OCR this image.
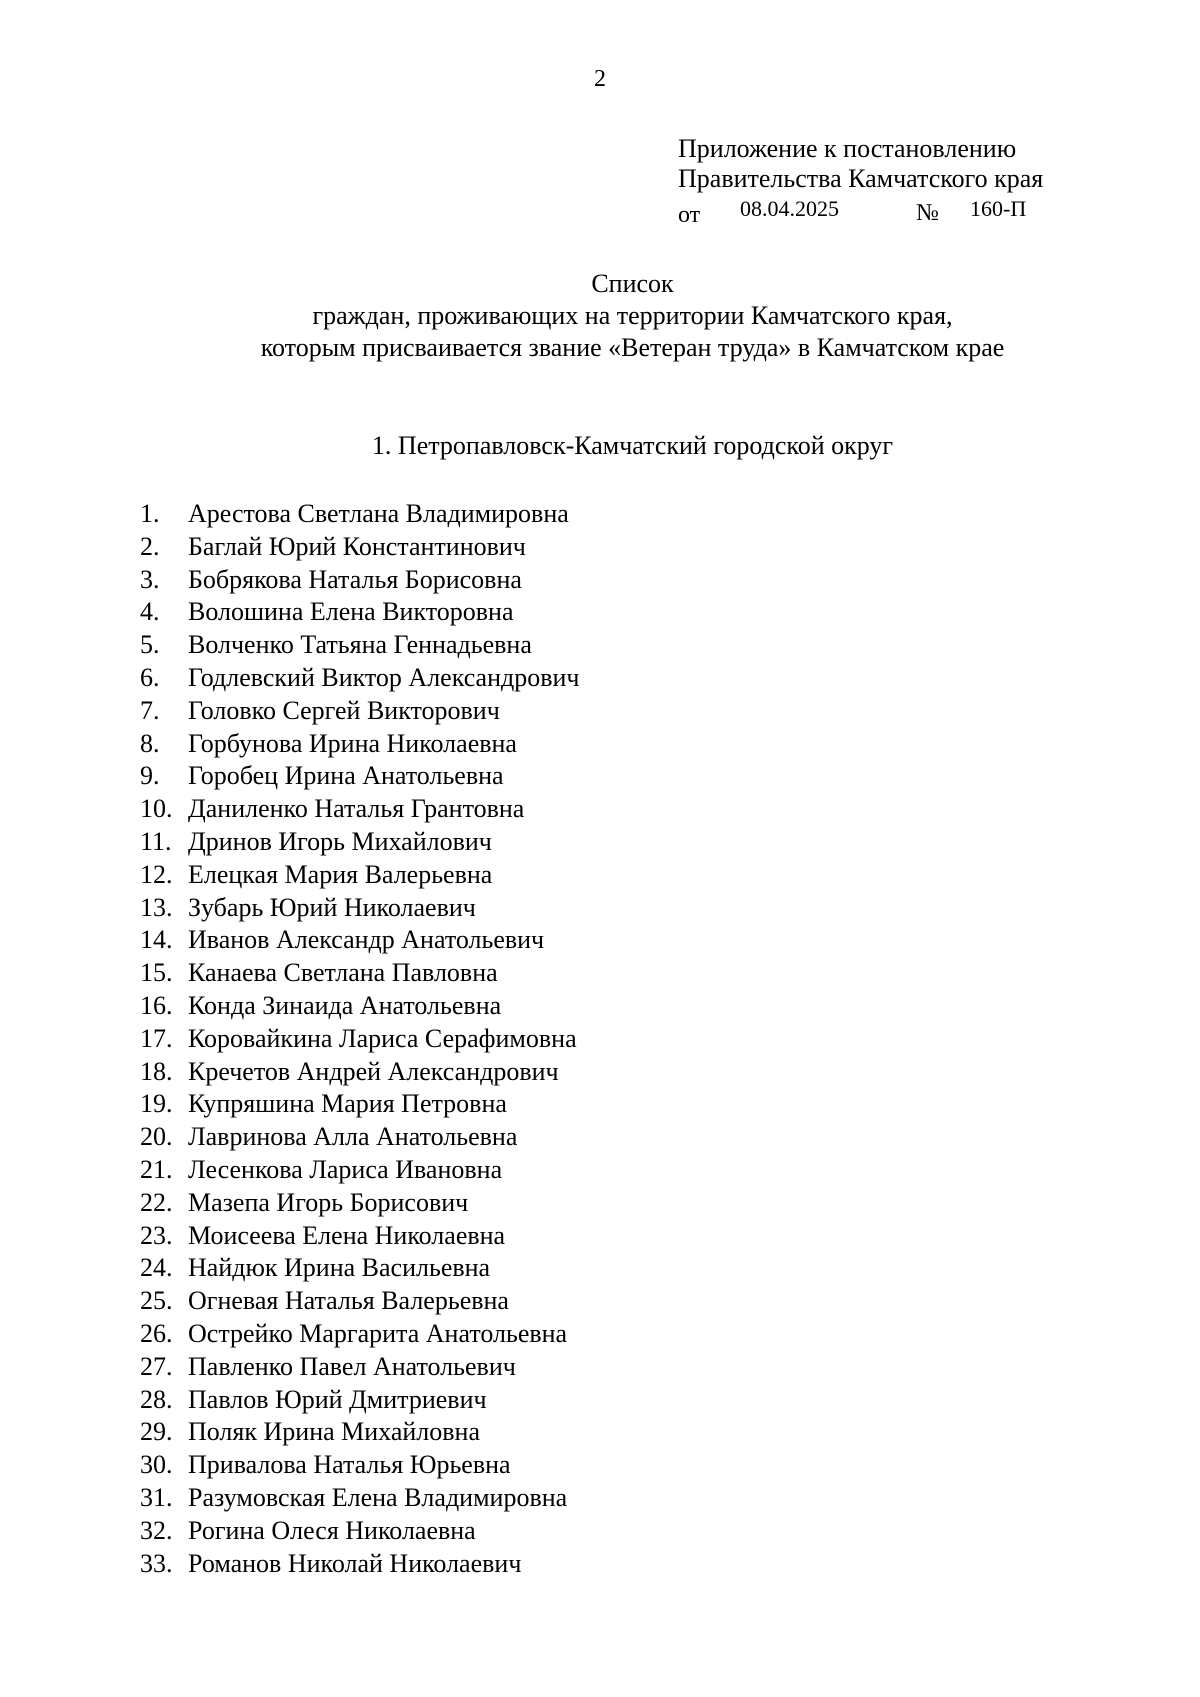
2
Приложение к постановлению
Правительства Камчатского края
от 08.04.2025	№ 160-П
Список
граждан, проживающих на территории Камчатского края,
которым присваивается звание «Ветеран труда» в Камчатском крае
1. Петропавловск-Камчатский городской округ
1.	Арестова Светлана Владимировна
2.	Баглай Юрий Константинович
3.	Бобрякова Наталья Борисовна
4.	Волошина Елена Викторовна
5.	Волченко Татьяна Геннадьевна
6.	Годлевский Виктор Александрович
7.	Головко Сергей Викторович
8.	Горбунова Ирина Николаевна
9.	Горобец Ирина Анатольевна
10. Даниленко Наталья Грантовна
11. Дринов Игорь Михайлович
12. Елецкая Мария Валерьевна
13. Зубарь Юрий Николаевич
14. Иванов Александр Анатольевич
15. Канаева Светлана Павловна
16. Конда Зинаида Анатольевна
17. Коровайкина Лариса Серафимовна
18. Кречетов Андрей Александрович
19. Купряшина Мария Петровна
20. Лавринова Алла Анатольевна
21. Лесенкова Лариса Ивановна
22. Мазепа Игорь Борисович
23. Моисеева Елена Николаевна
24. Найдюк Ирина Васильевна
25. Огневая Наталья Валерьевна
26. Острейко Маргарита Анатольевна
27. Павленко Павел Анатольевич
28. Павлов Юрий Дмитриевич
29. Поляк Ирина Михайловна
30. Привалова Наталья Юрьевна
31. Разумовская Елена Владимировна
32. Рогина Олеся Николаевна
33. Романов Николай Николаевич
